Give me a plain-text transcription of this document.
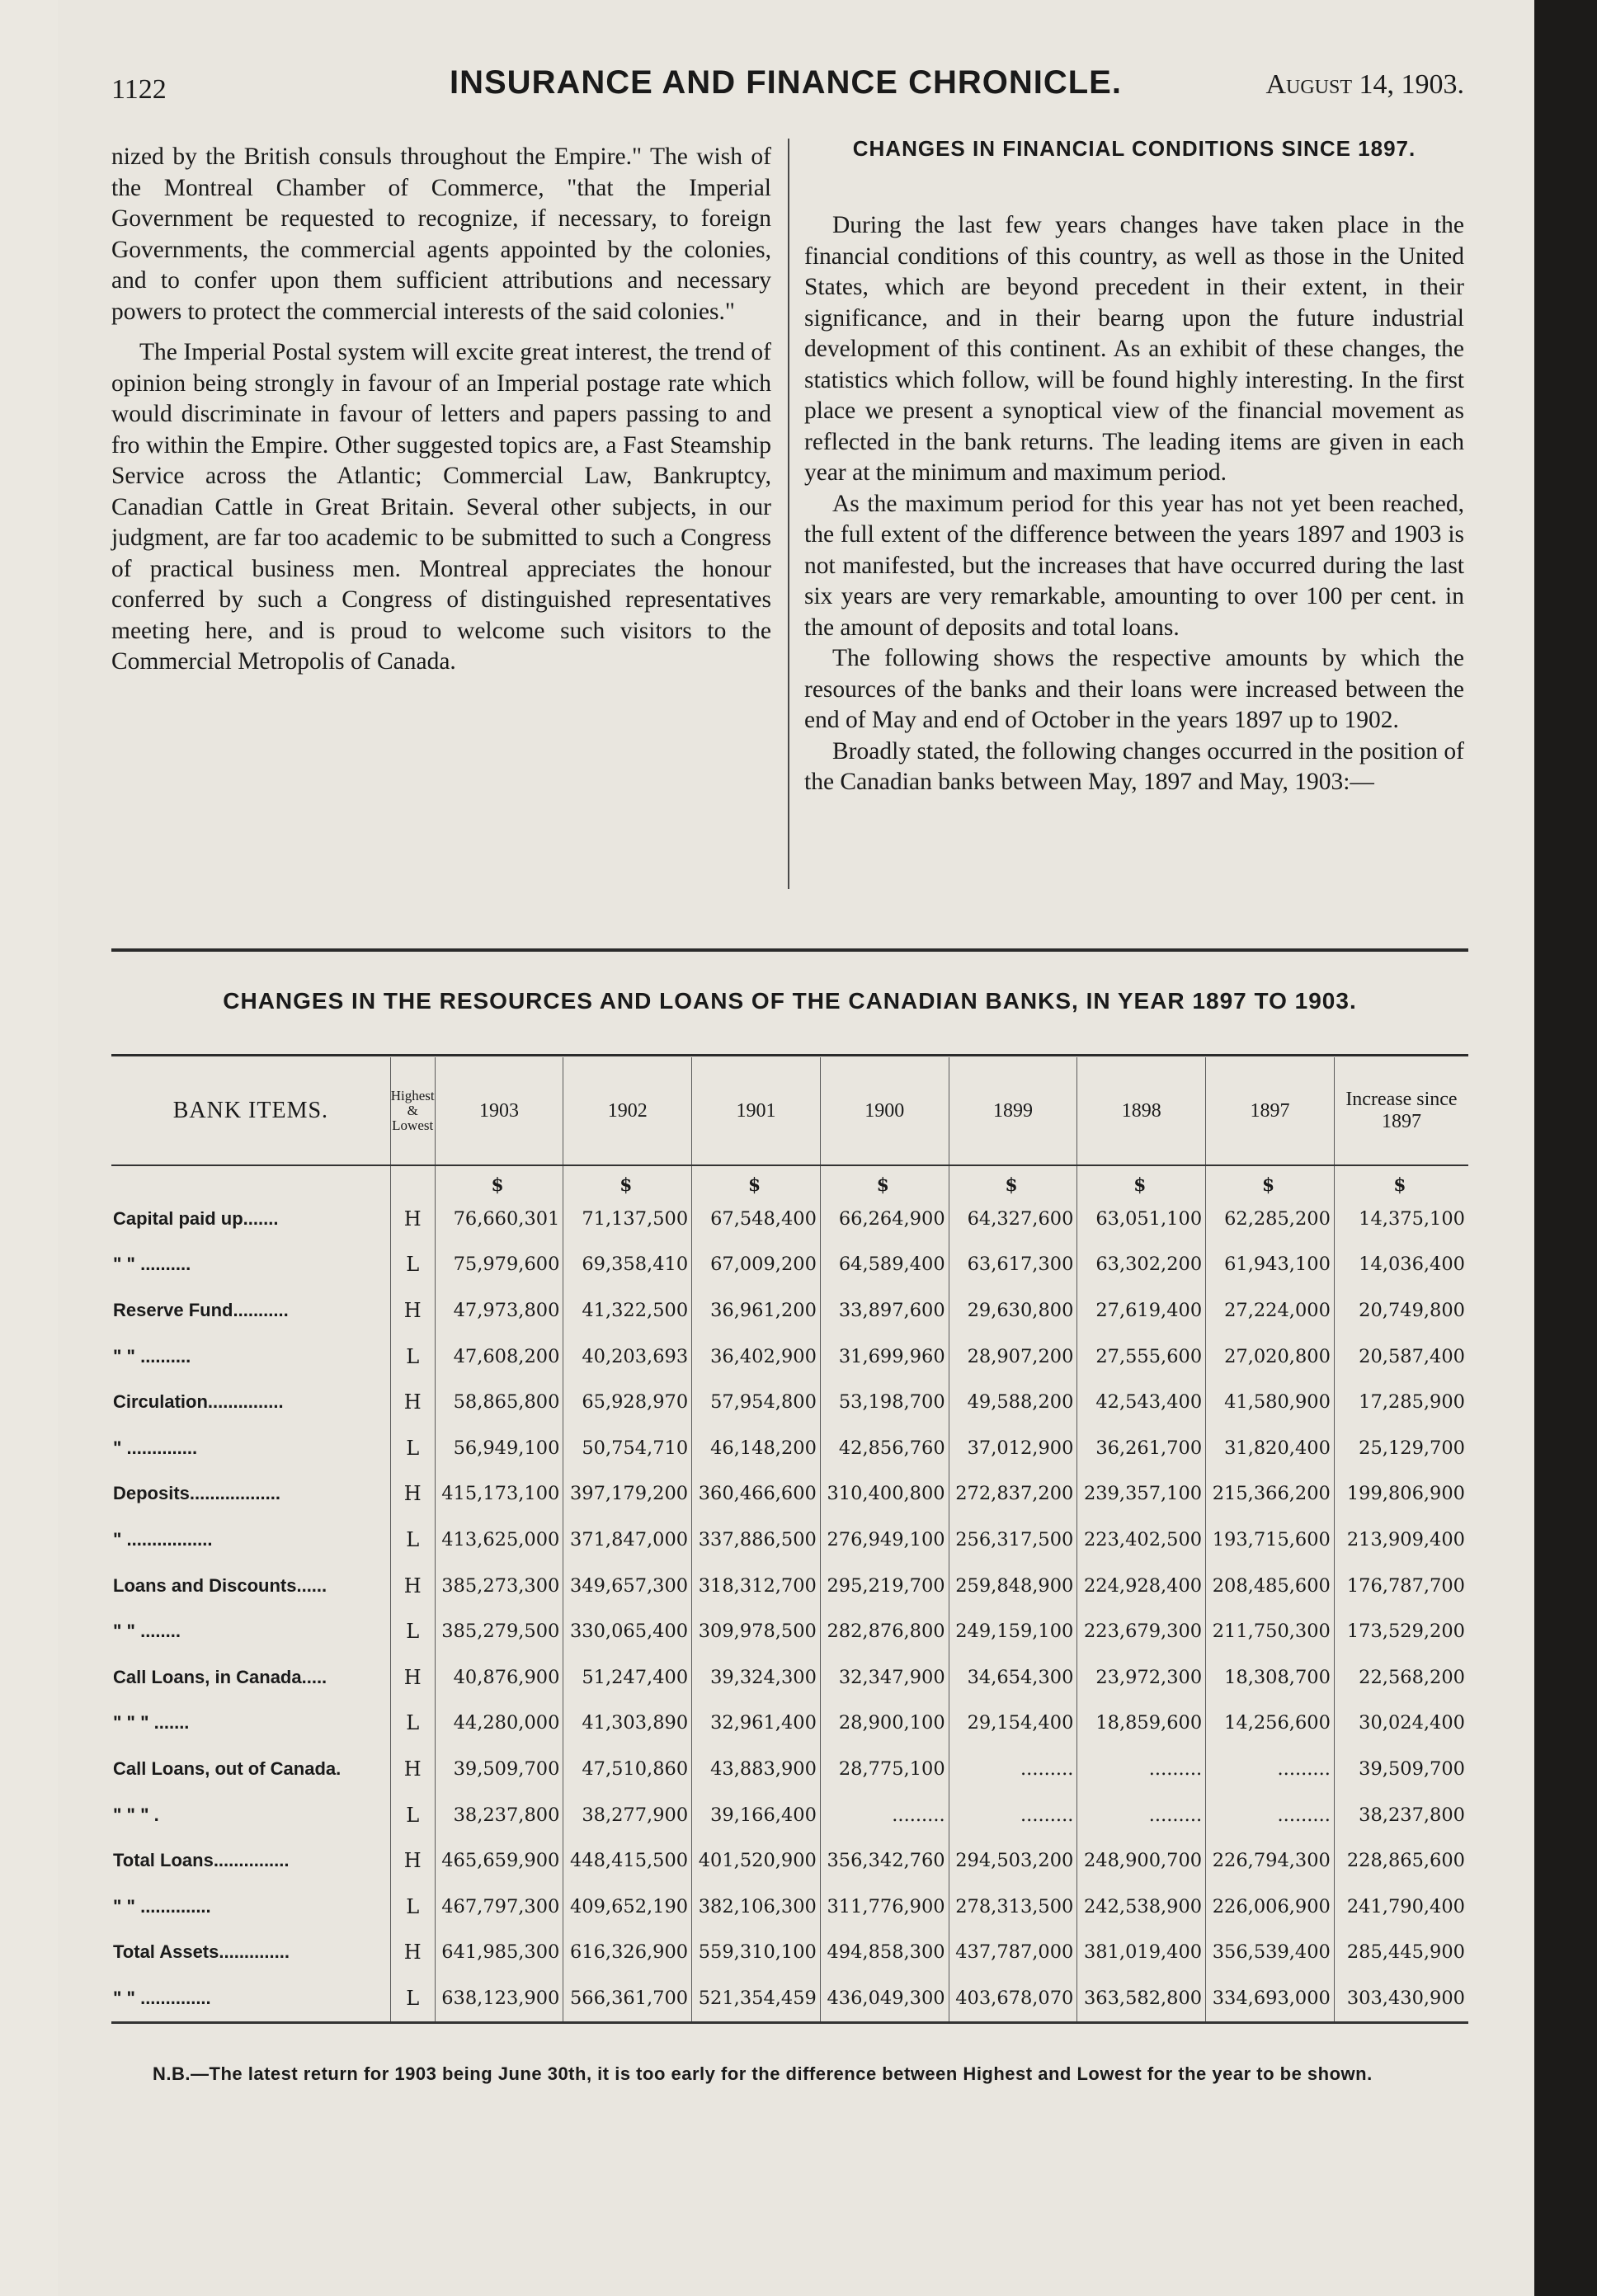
1122	INSURANCE AND FINANCE CHRONICLE.	August 14, 1903.

nized by the British consuls throughout the Empire." The wish of the Montreal Chamber of Commerce, "that the Imperial Government be requested to recognize, if necessary, to foreign Governments, the commercial agents appointed by the colonies, and to confer upon them sufficient attributions and necessary powers to protect the commercial interests of the said colonies."

The Imperial Postal system will excite great interest, the trend of opinion being strongly in favour of an Imperial postage rate which would discriminate in favour of letters and papers passing to and fro within the Empire. Other suggested topics are, a Fast Steamship Service across the Atlantic; Commercial Law, Bankruptcy, Canadian Cattle in Great Britain. Several other subjects, in our judgment, are far too academic to be submitted to such a Congress of practical business men. Montreal appreciates the honour conferred by such a Congress of distinguished representatives meeting here, and is proud to welcome such visitors to the Commercial Metropolis of Canada.

CHANGES IN FINANCIAL CONDITIONS SINCE 1897.

During the last few years changes have taken place in the financial conditions of this country, as well as those in the United States, which are beyond precedent in their extent, in their significance, and in their bearng upon the future industrial development of this continent. As an exhibit of these changes, the statistics which follow, will be found highly interesting. In the first place we present a synoptical view of the financial movement as reflected in the bank returns. The leading items are given in each year at the minimum and maximum period.

As the maximum period for this year has not yet been reached, the full extent of the difference between the years 1897 and 1903 is not manifested, but the increases that have occurred during the last six years are very remarkable, amounting to over 100 per cent. in the amount of deposits and total loans.

The following shows the respective amounts by which the resources of the banks and their loans were increased between the end of May and end of October in the years 1897 up to 1902.

Broadly stated, the following changes occurred in the position of the Canadian banks between May, 1897 and May, 1903:—

CHANGES IN THE RESOURCES AND LOANS OF THE CANADIAN BANKS, IN YEAR 1897 TO 1903.
BANK ITEMS.	Highest & Lowest	1903	1902	1901	1900	1899	1898	1897	Increase since 1897
		$	$	$	$	$	$	$	$
Capital paid up.......	H	76,660,301	71,137,500	67,548,400	66,264,900	64,327,600	63,051,100	62,285,200	14,375,100
" " ..........	L	75,979,600	69,358,410	67,009,200	64,589,400	63,617,300	63,302,200	61,943,100	14,036,400
Reserve Fund...........	H	47,973,800	41,322,500	36,961,200	33,897,600	29,630,800	27,619,400	27,224,000	20,749,800
" " ..........	L	47,608,200	40,203,693	36,402,900	31,699,960	28,907,200	27,555,600	27,020,800	20,587,400
Circulation...............	H	58,865,800	65,928,970	57,954,800	53,198,700	49,588,200	42,543,400	41,580,900	17,285,900
" ..............	L	56,949,100	50,754,710	46,148,200	42,856,760	37,012,900	36,261,700	31,820,400	25,129,700
Deposits..................	H	415,173,100	397,179,200	360,466,600	310,400,800	272,837,200	239,357,100	215,366,200	199,806,900
" .................	L	413,625,000	371,847,000	337,886,500	276,949,100	256,317,500	223,402,500	193,715,600	213,909,400
Loans and Discounts......	H	385,273,300	349,657,300	318,312,700	295,219,700	259,848,900	224,928,400	208,485,600	176,787,700
" " ........	L	385,279,500	330,065,400	309,978,500	282,876,800	249,159,100	223,679,300	211,750,300	173,529,200
Call Loans, in Canada.....	H	40,876,900	51,247,400	39,324,300	32,347,900	34,654,300	23,972,300	18,308,700	22,568,200
" " " .......	L	44,280,000	41,303,890	32,961,400	28,900,100	29,154,400	18,859,600	14,256,600	30,024,400
Call Loans, out of Canada.	H	39,509,700	47,510,860	43,883,900	28,775,100	.........	.........	.........	39,509,700
" " " .	L	38,237,800	38,277,900	39,166,400	.........	.........	.........	.........	38,237,800
Total Loans...............	H	465,659,900	448,415,500	401,520,900	356,342,760	294,503,200	248,900,700	226,794,300	228,865,600
" " ..............	L	467,797,300	409,652,190	382,106,300	311,776,900	278,313,500	242,538,900	226,006,900	241,790,400
Total Assets..............	H	641,985,300	616,326,900	559,310,100	494,858,300	437,787,000	381,019,400	356,539,400	285,445,900
" " ..............	L	638,123,900	566,361,700	521,354,459	436,049,300	403,678,070	363,582,800	334,693,000	303,430,900
N.B.—The latest return for 1903 being June 30th, it is too early for the difference between Highest and Lowest for the year to be shown.
